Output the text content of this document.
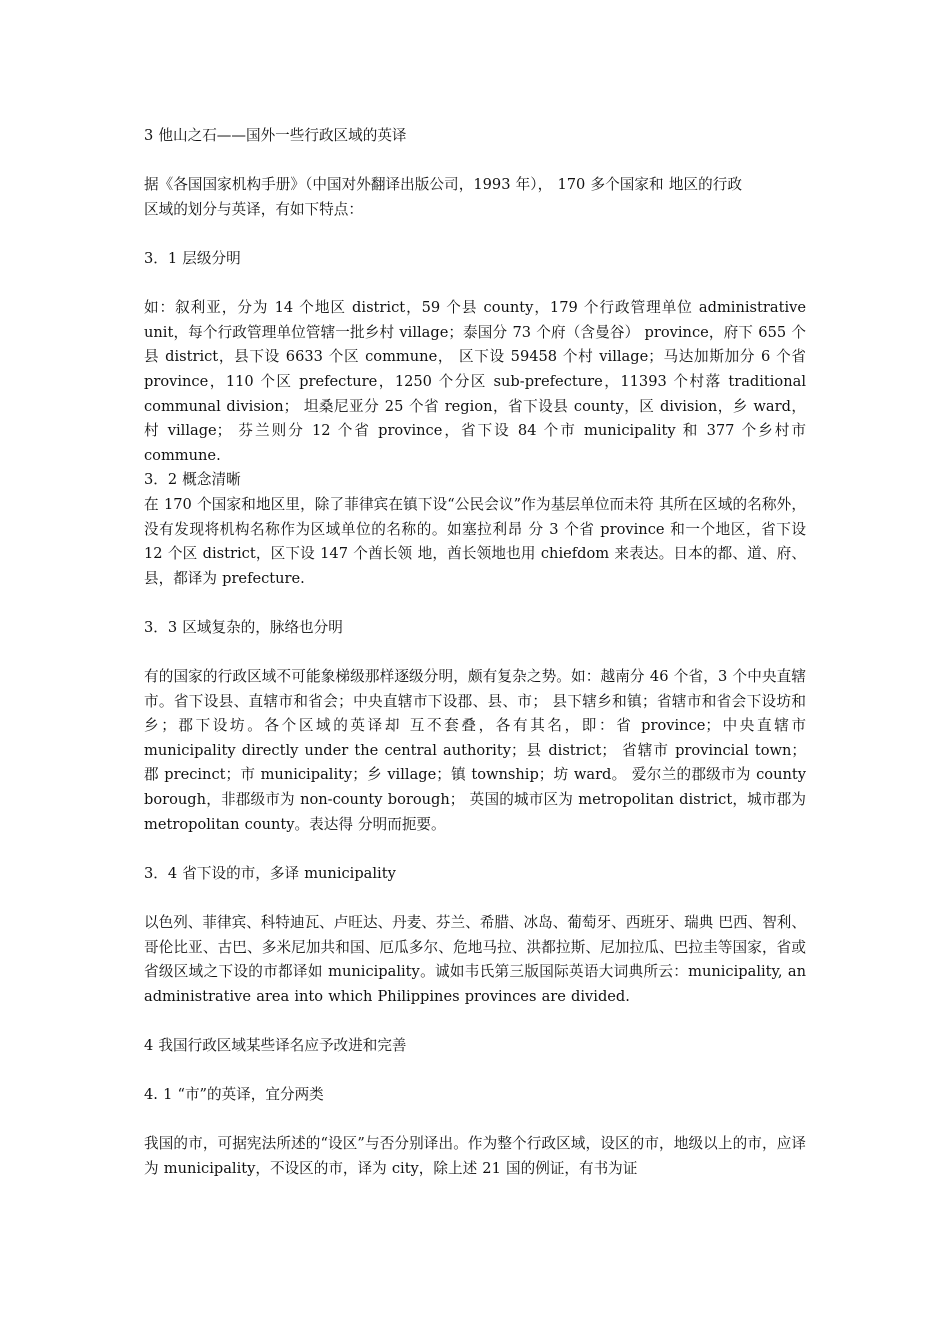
3 他山之石——国外一些行政区域的英译

据《各国国家机构手册》（中国对外翻译出版公司，1993 年）， 170 多个国家和 地区的行政区域的划分与英译，有如下特点：

3．1 层级分明

如：叙利亚，分为 14 个地区 district，59 个县 county，179 个行政管理单位 administrative unit，每个行政管理单位管辖一批乡村 village；泰国分 73 个府（含曼谷） province，府下 655 个县 district，县下设 6633 个区 commune， 区下设 59458 个村 village；马达加斯加分 6 个省 province，110 个区 prefecture，1250 个分区 sub-prefecture，11393 个村落 traditional communal division； 坦桑尼亚分 25 个省 region，省下设县 county，区 division，乡 ward，村 village； 芬兰则分 12 个省 province，省下设 84 个市 municipality 和 377 个乡村市 commune.

3．2 概念清晰

在 170 个国家和地区里，除了菲律宾在镇下设“公民会议”作为基层单位而未符 其所在区域的名称外，没有发现将机构名称作为区域单位的名称的。如塞拉利昂 分 3 个省 province 和一个地区，省下设 12 个区 district，区下设 147 个酋长领 地，酋长领地也用 chiefdom 来表达。日本的都、道、府、县，都译为 prefecture.

3．3 区域复杂的，脉络也分明

有的国家的行政区域不可能象梯级那样逐级分明，颇有复杂之势。如：越南分 46 个省，3 个中央直辖市。省下设县、直辖市和省会；中央直辖市下设郡、县、市； 县下辖乡和镇；省辖市和省会下设坊和乡；郡下设坊。各个区域的英译却 互不套叠，各有其名，即：省 province；中央直辖市 municipality directly under the central authority；县 district； 省辖市 provincial town；郡 precinct；市 municipality；乡 village；镇 township；坊 ward。 爱尔兰的郡级市为 county borough，非郡级市为 non-county borough； 英国的城市区为 metropolitan district，城市郡为 metropolitan county。表达得 分明而扼要。

3．4 省下设的市，多译 municipality

以色列、菲律宾、科特迪瓦、卢旺达、丹麦、芬兰、希腊、冰岛、葡萄牙、西班牙、瑞典 巴西、智利、哥伦比亚、古巴、多米尼加共和国、厄瓜多尔、危地马拉、洪都拉斯、尼加拉瓜、巴拉圭等国家，省或省级区域之下设的市都译如 municipality。诚如韦氏第三版国际英语大词典所云：municipality, an administrative area into which Philippines provinces are divided.

4 我国行政区域某些译名应予改进和完善

4. 1 “市”的英译，宜分两类

我国的市，可据宪法所述的“设区”与否分别译出。作为整个行政区域，设区的市，地级以上的市，应译为 municipality，不设区的市，译为 city，除上述 21 国的例证，有书为证
